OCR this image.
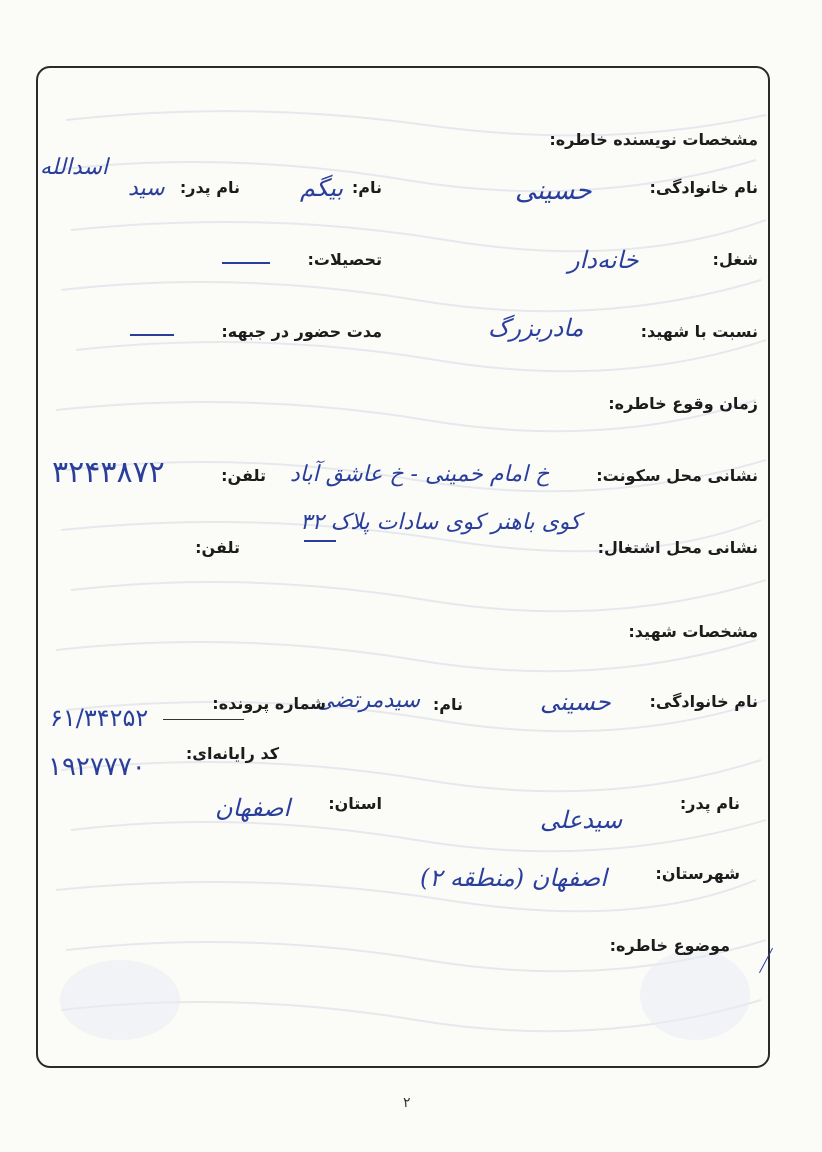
مشخصات نویسنده خاطره:
نام خانوادگی:
حسینی
نام:
بیگم
نام پدر:
سید
اسدالله
شغل:
خانه‌دار
تحصیلات:
نسبت با شهید:
مادربزرگ
مدت حضور در جبهه:
زمان وقوع خاطره:
نشانی محل سکونت:
خ امام خمینی - خ عاشق آباد
تلفن:
۳۲۴۳۸۷۲
کوی باهنر کوی سادات پلاک ۳۲
نشانی محل اشتغال:
تلفن:
مشخصات شهید:
نام خانوادگی:
حسینی
نام:
سیدمرتضی
شماره پرونده:
۶۱/۳۴۲۵۲
کد رایانه‌ای:
۱۹۲۷۷۷۰
نام پدر:
سیدعلی
استان:
اصفهان
شهرستان:
اصفهان (منطقه ۲)
موضوع خاطره:
۲
